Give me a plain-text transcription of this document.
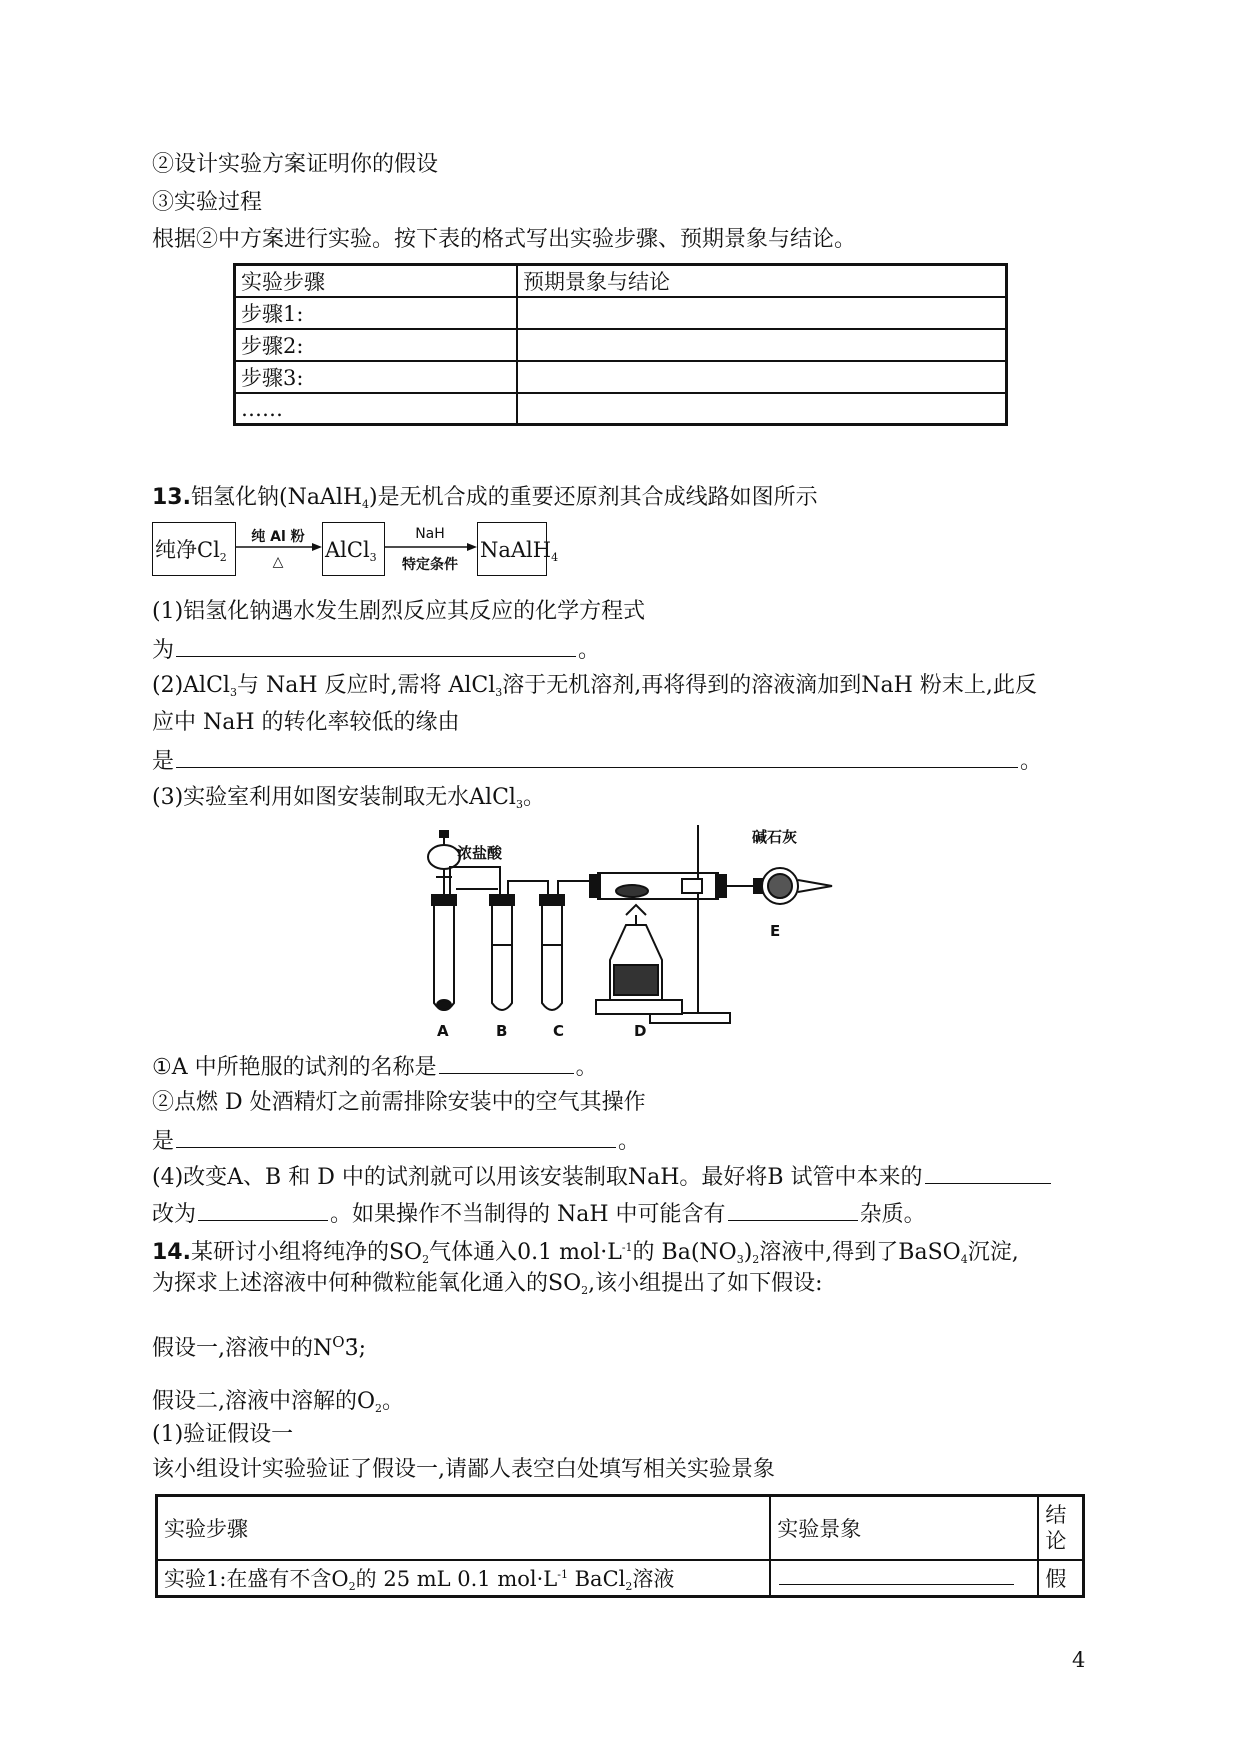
②设计实验方案证明你的假设
③实验过程
根据②中方案进行实验。按下表的格式写出实验步骤、预期景象与结论。
实验步骤	预期景象与结论
步骤1:	
步骤2:	
步骤3:	
……	
13.铝氢化钠(NaAlH$_4$)是无机合成的重要还原剂其合成线路如图所示
纯净$Cl_2$
纯 Al 粉
△	AlCl$_3$
NaH
特定条件
NaAlH$_4$
(1)铝氢化钠遇水发生剧烈反应其反应的化学方程式
为	。
(2)AlCl$_3$与 NaH 反应时,需将 AlCl$_3$溶于无机溶剂,再将得到的溶液滴加到NaH 粉末上,此反
应中 NaH 的转化率较低的缘由
是	。
(3)实验室利用如图安装制取无水AlCl$_3$。
浓盐酸
碱石灰
A	B	C	D
E
①A 中所艳服的试剂的名称是	。
②点燃 D 处酒精灯之前需排除安装中的空气其操作
是	。
(4)改变A、B 和 D 中的试剂就可以用该安装制取NaH。最好将B 试管中本来的
改为	。如果操作不当制得的 NaH 中可能含有	杂质。
14.某研讨小组将纯净的$SO_2$气体通入0.1 $mol\cdot L^{-1}$的 $Ba(NO_3)_2$溶液中,得到了BaSO$_4$沉淀,
为探求上述溶液中何种微粒能氧化通入的$SO_2$,该小组提出了如下假设:
假设一,溶液中的$N^O3̄$;
假设二,溶液中溶解的$O_2$。
(1)验证假设一
该小组设计实验验证了假设一,请鄙人表空白处填写相关实验景象
实验步骤	实验景象	结论
实验1:在盛有不含$O_2$的 25 mL 0.1 $mol\cdot L^{-1}$ BaCl$_2$溶液		假
4
